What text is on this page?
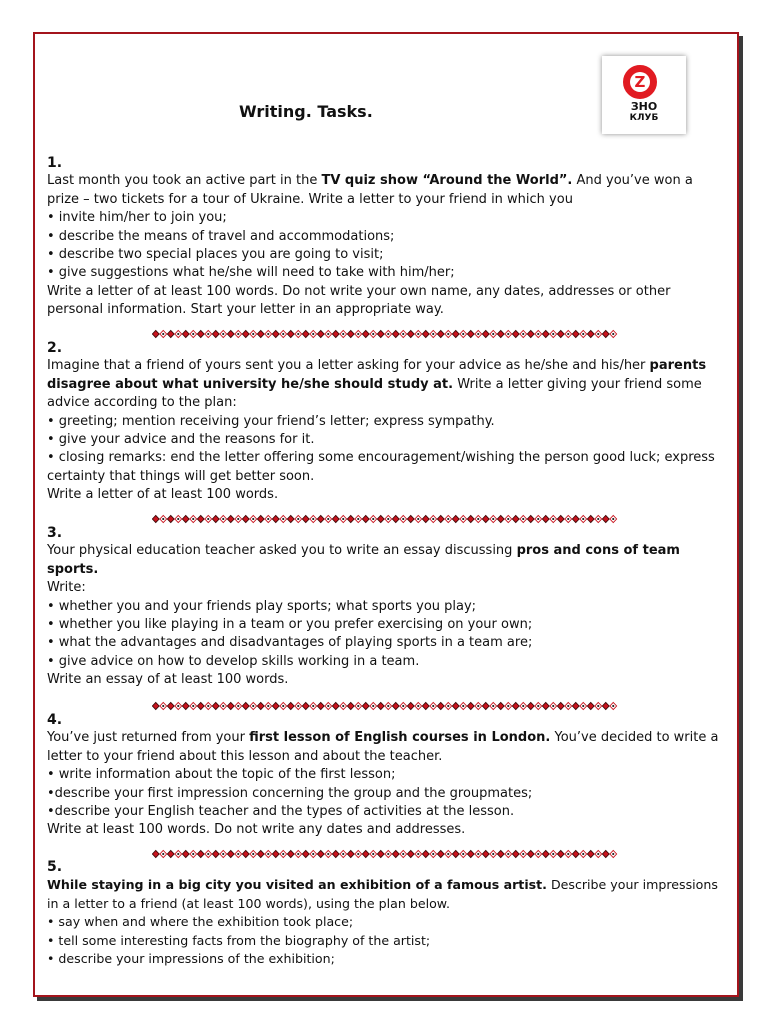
Z
ЗНО
КЛУБ
Writing. Tasks.
1.

Last month you took an active part in the TV quiz show “Around the World”. And you’ve won a prize – two tickets for a tour of Ukraine. Write a letter to your friend in which you

• invite him/her to join you;

• describe the means of travel and accommodations;

• describe two special places you are going to visit;

• give suggestions what he/she will need to take with him/her;

Write a letter of at least 100 words. Do not write your own name, any dates, addresses or other personal information. Start your letter in an appropriate way.

2.

Imagine that a friend of yours sent you a letter asking for your advice as he/she and his/her parents disagree about what university he/she should study at. Write a letter giving your friend some advice according to the plan:

• greeting; mention receiving your friend’s letter; express sympathy.

• give your advice and the reasons for it.

• closing remarks: end the letter offering some encouragement/wishing the person good luck; express certainty that things will get better soon.

Write a letter of at least 100 words.

3.

Your physical education teacher asked you to write an essay discussing pros and cons of team sports.

Write:

• whether you and your friends play sports; what sports you play;

• whether you like playing in a team or you prefer exercising on your own;

• what the advantages and disadvantages of playing sports in a team are;

• give advice on how to develop skills working in a team.

Write an essay of at least 100 words.

4.

You’ve just returned from your first lesson of English courses in London. You’ve decided to write a letter to your friend about this lesson and about the teacher.

• write information about the topic of the first lesson;

•describe your first impression concerning the group and the groupmates;

•describe your English teacher and the types of activities at the lesson.

Write at least 100 words. Do not write any dates and addresses.

5.

While staying in a big city you visited an exhibition of a famous artist. Describe your impressions in a letter to a friend (at least 100 words), using the plan below.

• say when and where the exhibition took place;

• tell some interesting facts from the biography of the artist;

• describe your impressions of the exhibition;
